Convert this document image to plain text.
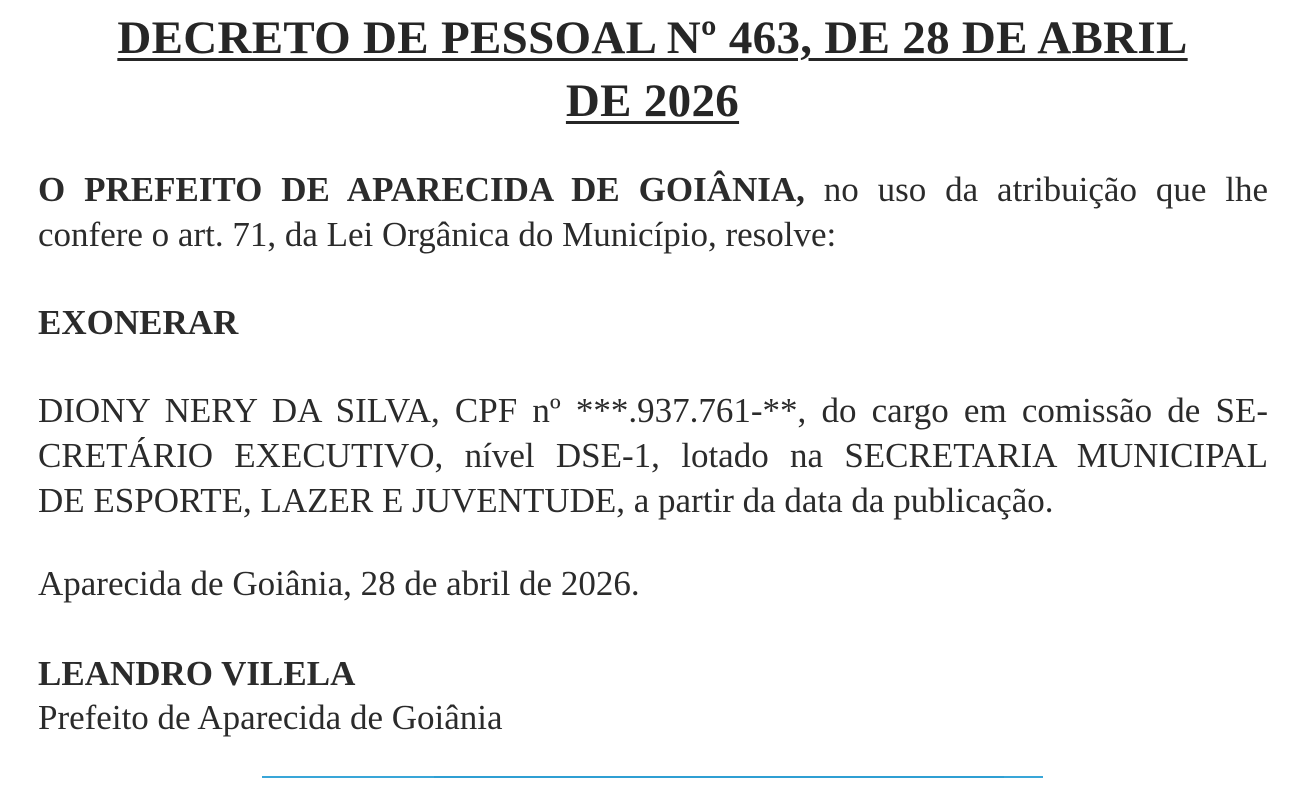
DECRETO DE PESSOAL Nº 463, DE 28 DE ABRIL
DE 2026
O PREFEITO DE APARECIDA DE GOIÂNIA, no uso da atribuição que lhe
confere o art. 71, da Lei Orgânica do Município, resolve:

EXONERAR

DIONY NERY DA SILVA, CPF nº ***.937.761-**, do cargo em comissão de SE-
CRETÁRIO EXECUTIVO, nível DSE-1, lotado na SECRETARIA MUNICIPAL
DE ESPORTE, LAZER E JUVENTUDE, a partir da data da publicação.

Aparecida de Goiânia, 28 de abril de 2026.

LEANDRO VILELA

Prefeito de Aparecida de Goiânia
